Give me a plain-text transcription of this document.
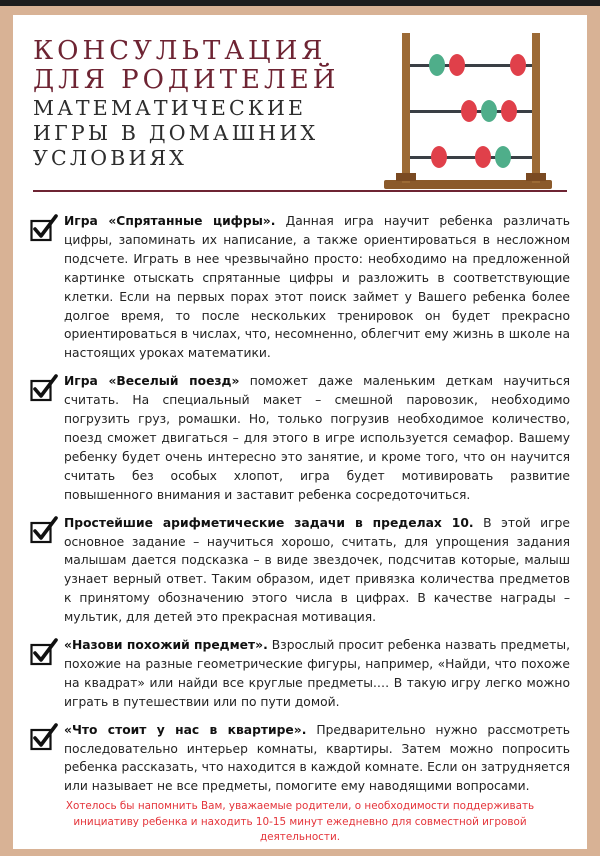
КОНСУЛЬТАЦИЯ
ДЛЯ РОДИТЕЛЕЙ
МАТЕМАТИЧЕСКИЕ
ИГРЫ В ДОМАШНИХ
УСЛОВИЯХ

Игра «Спрятанные цифры». Данная игра научит ребенка различать цифры, запоминать их написание, а также ориентироваться в несложном подсчете. Играть в нее чрезвычайно просто: необходимо на предложенной картинке отыскать спрятанные цифры и разложить в соответствующие клетки. Если на первых порах этот поиск займет у Вашего ребенка более долгое время, то после нескольких тренировок он будет прекрасно ориентироваться в числах, что, несомненно, облегчит ему жизнь в школе на настоящих уроках математики.

Игра «Веселый поезд» поможет даже маленьким деткам научиться считать. На специальный макет – смешной паровозик, необходимо погрузить груз, ромашки. Но, только погрузив необходимое количество, поезд сможет двигаться – для этого в игре используется семафор. Вашему ребенку будет очень интересно это занятие, и кроме того, что он научится считать без особых хлопот, игра будет мотивировать развитие повышенного внимания и заставит ребенка сосредоточиться.

Простейшие арифметические задачи в пределах 10. В этой игре основное задание – научиться хорошо, считать, для упрощения задания малышам дается подсказка – в виде звездочек, подсчитав которые, малыш узнает верный ответ. Таким образом, идет привязка количества предметов к принятому обозначению этого числа в цифрах. В качестве награды – мультик, для детей это прекрасная мотивация.

«Назови похожий предмет». Взрослый просит ребенка назвать предметы, похожие на разные геометрические фигуры, например, «Найди, что похоже на квадрат» или найди все круглые предметы.… В такую игру легко можно играть в путешествии или по пути домой.

«Что стоит у нас в квартире». Предварительно нужно рассмотреть последовательно интерьер комнаты, квартиры. Затем можно попросить ребенка рассказать, что находится в каждой комнате. Если он затрудняется или называет не все предметы, помогите ему наводящими вопросами.

Хотелось бы напомнить Вам, уважаемые родители, о необходимости поддерживать инициативу ребенка и находить 10-15 минут ежедневно для совместной игровой деятельности.
